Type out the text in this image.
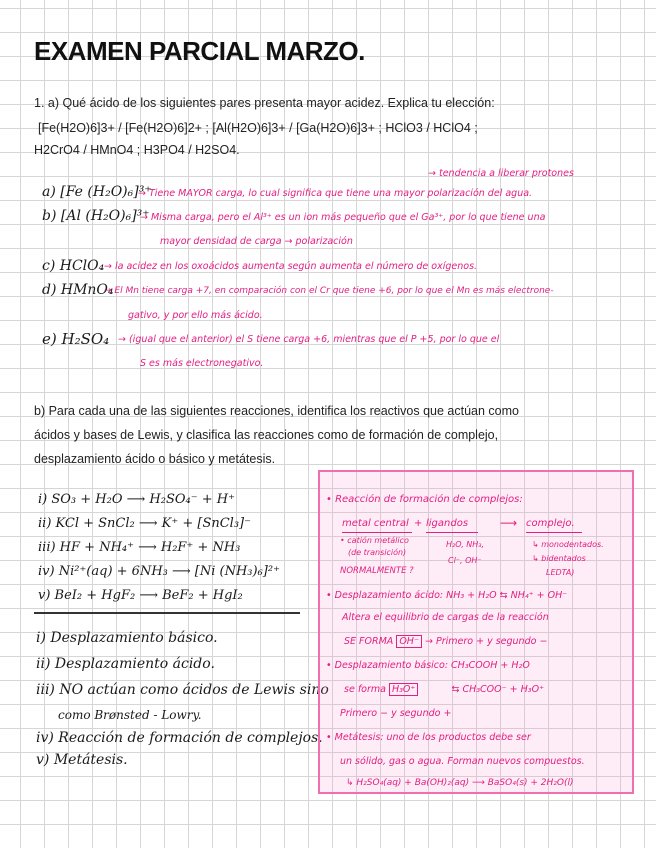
EXAMEN PARCIAL MARZO.
1. a) Qué ácido de los siguientes pares presenta mayor acidez. Explica tu elección:
[Fe(H2O)6]3+ / [Fe(H2O)6]2+ ; [Al(H2O)6]3+ / [Ga(H2O)6]3+ ; HClO3 / HClO4 ;
H2CrO4 / HMnO4 ; H3PO4 / H2SO4.
→ tendencia a liberar protones
a) [Fe (H₂O)₆]³⁺
→ Tiene MAYOR carga, lo cual significa que tiene una mayor polarización del agua.
b) [Al (H₂O)₆]³⁺
→ Misma carga, pero el Al³⁺ es un ion más pequeño que el Ga³⁺, por lo que tiene una
mayor densidad de carga → polarización
c) HClO₄ → la acidez en los oxoácidos aumenta según aumenta el número de oxígenos.
d) HMnO₄
→ El Mn tiene carga +7, en comparación con el Cr que tiene +6, por lo que el Mn es más electrone-
gativo, y por ello más ácido.
e) H₂SO₄ → (igual que el anterior) el S tiene carga +6, mientras que el P +5, por lo que el
S es más electronegativo.
b) Para cada una de las siguientes reacciones, identifica los reactivos que actúan como
ácidos y bases de Lewis, y clasifica las reacciones como de formación de complejo,
desplazamiento ácido o básico y metátesis.
i) SO₃ + H₂O ⟶ H₂SO₄⁻ + H⁺
ii) KCl + SnCl₂ ⟶ K⁺ + [SnCl₃]⁻
iii) HF + NH₄⁺ ⟶ H₂F⁺ + NH₃
iv) Ni²⁺(aq) + 6NH₃ ⟶ [Ni (NH₃)₆]²⁺
v) BeI₂ + HgF₂ ⟶ BeF₂ + HgI₂
i) Desplazamiento básico.
ii) Desplazamiento ácido.
iii) NO actúan como ácidos de Lewis sino
como Brønsted - Lowry.
iv) Reacción de formación de complejos.
v) Metátesis.
• Reacción de formación de complejos:
metal central + ligandos	⟶ complejo.
• catión metálico
(de transición)
H₂O, NH₃,
Cl⁻, OH⁻
↳ monodentados.
↳ bidentados
LEDTA)
NORMALMENTE ?
• Desplazamiento ácido: NH₃ + H₂O ⇆ NH₄⁺ + OH⁻
Altera el equilibrio de cargas de la reacción
SE FORMA OH⁻ → Primero + y segundo −
• Desplazamiento básico: CH₃COOH + H₂O
se forma H₃O⁺	⇆ CH₃COO⁻ + H₃O⁺
Primero − y segundo +
• Metátesis: uno de los productos debe ser
un sólido, gas o agua. Forman nuevos compuestos.
↳ H₂SO₄(aq) + Ba(OH)₂(aq) ⟶ BaSO₄(s) + 2H₂O(l)
